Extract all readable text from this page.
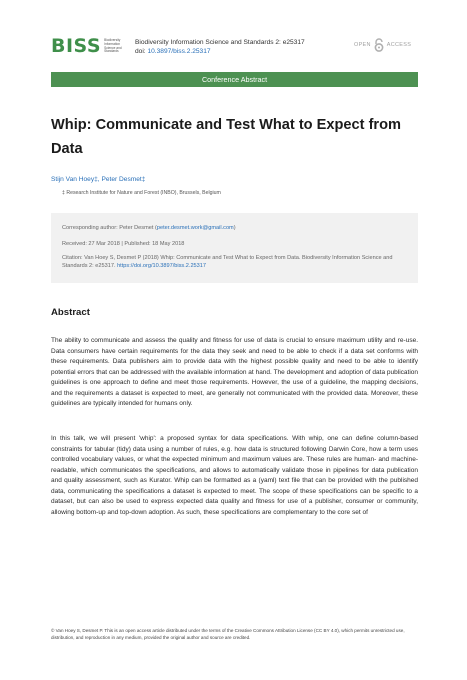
BISS Biodiversity Information Science and Standards
Biodiversity Information Science and Standards 2: e25317
doi: 10.3897/biss.2.25317
OPEN	ACCESS
Conference Abstract
Whip: Communicate and Test What to Expect from Data
Stijn Van Hoey‡, Peter Desmet‡
‡ Research Institute for Nature and Forest (INBO), Brussels, Belgium
Corresponding author: Peter Desmet (peter.desmet.work@gmail.com)
Received: 27 Mar 2018 | Published: 18 May 2018
Citation: Van Hoey S, Desmet P (2018) Whip: Communicate and Test What to Expect from Data. Biodiversity Information Science and Standards 2: e25317. https://doi.org/10.3897/biss.2.25317
Abstract
The ability to communicate and assess the quality and fitness for use of data is crucial to ensure maximum utility and re-use. Data consumers have certain requirements for the data they seek and need to be able to check if a data set conforms with these requirements. Data publishers aim to provide data with the highest possible quality and need to be able to identify potential errors that can be addressed with the available information at hand. The development and adoption of data publication guidelines is one approach to define and meet those requirements. However, the use of a guideline, the mapping decisions, and the requirements a dataset is expected to meet, are generally not communicated with the provided data. Moreover, these guidelines are typically intended for humans only.
In this talk, we will present 'whip': a proposed syntax for data specifications. With whip, one can define column-based constraints for tabular (tidy) data using a number of rules, e.g. how data is structured following Darwin Core, how a term uses controlled vocabulary values, or what the expected minimum and maximum values are. These rules are human- and machine-readable, which communicates the specifications, and allows to automatically validate those in pipelines for data publication and quality assessment, such as Kurator. Whip can be formatted as a (yaml) text file that can be provided with the published data, communicating the specifications a dataset is expected to meet. The scope of these specifications can be specific to a dataset, but can also be used to express expected data quality and fitness for use of a publisher, consumer or community, allowing bottom-up and top-down adoption. As such, these specifications are complementary to the core set of
© Van Hoey S, Desmet P. This is an open access article distributed under the terms of the Creative Commons Attribution License (CC BY 4.0), which permits unrestricted use, distribution, and reproduction in any medium, provided the original author and source are credited.
